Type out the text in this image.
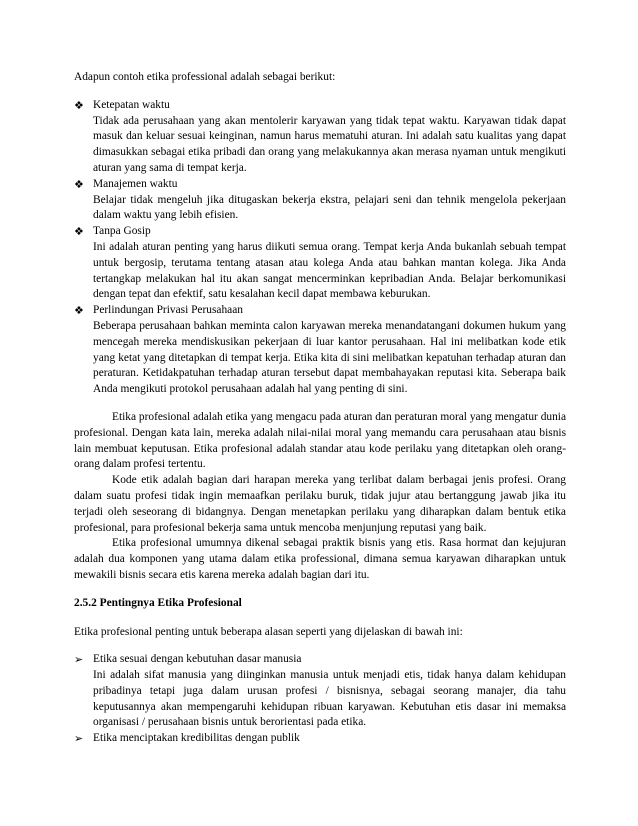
Adapun contoh etika professional adalah sebagai berikut:

❖ Ketepatan waktu
Tidak ada perusahaan yang akan mentolerir karyawan yang tidak tepat waktu. Karyawan tidak dapat masuk dan keluar sesuai keinginan, namun harus mematuhi aturan. Ini adalah satu kualitas yang dapat dimasukkan sebagai etika pribadi dan orang yang melakukannya akan merasa nyaman untuk mengikuti aturan yang sama di tempat kerja.
❖ Manajemen waktu
Belajar tidak mengeluh jika ditugaskan bekerja ekstra, pelajari seni dan tehnik mengelola pekerjaan dalam waktu yang lebih efisien.
❖ Tanpa Gosip
Ini adalah aturan penting yang harus diikuti semua orang. Tempat kerja Anda bukanlah sebuah tempat untuk bergosip, terutama tentang atasan atau kolega Anda atau bahkan mantan kolega. Jika Anda tertangkap melakukan hal itu akan sangat mencerminkan kepribadian Anda. Belajar berkomunikasi dengan tepat dan efektif, satu kesalahan kecil dapat membawa keburukan.
❖ Perlindungan Privasi Perusahaan
Beberapa perusahaan bahkan meminta calon karyawan mereka menandatangani dokumen hukum yang mencegah mereka mendiskusikan pekerjaan di luar kantor perusahaan. Hal ini melibatkan kode etik yang ketat yang ditetapkan di tempat kerja. Etika kita di sini melibatkan kepatuhan terhadap aturan dan peraturan. Ketidakpatuhan terhadap aturan tersebut dapat membahayakan reputasi kita. Seberapa baik Anda mengikuti protokol perusahaan adalah hal yang penting di sini.

Etika profesional adalah etika yang mengacu pada aturan dan peraturan moral yang mengatur dunia profesional. Dengan kata lain, mereka adalah nilai-nilai moral yang memandu cara perusahaan atau bisnis lain membuat keputusan. Etika profesional adalah standar atau kode perilaku yang ditetapkan oleh orang-orang dalam profesi tertentu.

Kode etik adalah bagian dari harapan mereka yang terlibat dalam berbagai jenis profesi. Orang dalam suatu profesi tidak ingin memaafkan perilaku buruk, tidak jujur atau bertanggung jawab jika itu terjadi oleh seseorang di bidangnya. Dengan menetapkan perilaku yang diharapkan dalam bentuk etika profesional, para profesional bekerja sama untuk mencoba menjunjung reputasi yang baik.

Etika profesional umumnya dikenal sebagai praktik bisnis yang etis. Rasa hormat dan kejujuran adalah dua komponen yang utama dalam etika professional, dimana semua karyawan diharapkan untuk mewakili bisnis secara etis karena mereka adalah bagian dari itu.

2.5.2 Pentingnya Etika Profesional

Etika profesional penting untuk beberapa alasan seperti yang dijelaskan di bawah ini:

➢ Etika sesuai dengan kebutuhan dasar manusia
Ini adalah sifat manusia yang diinginkan manusia untuk menjadi etis, tidak hanya dalam kehidupan pribadinya tetapi juga dalam urusan profesi / bisnisnya, sebagai seorang manajer, dia tahu keputusannya akan mempengaruhi kehidupan ribuan karyawan. Kebutuhan etis dasar ini memaksa organisasi / perusahaan bisnis untuk berorientasi pada etika.
➢ Etika menciptakan kredibilitas dengan publik
